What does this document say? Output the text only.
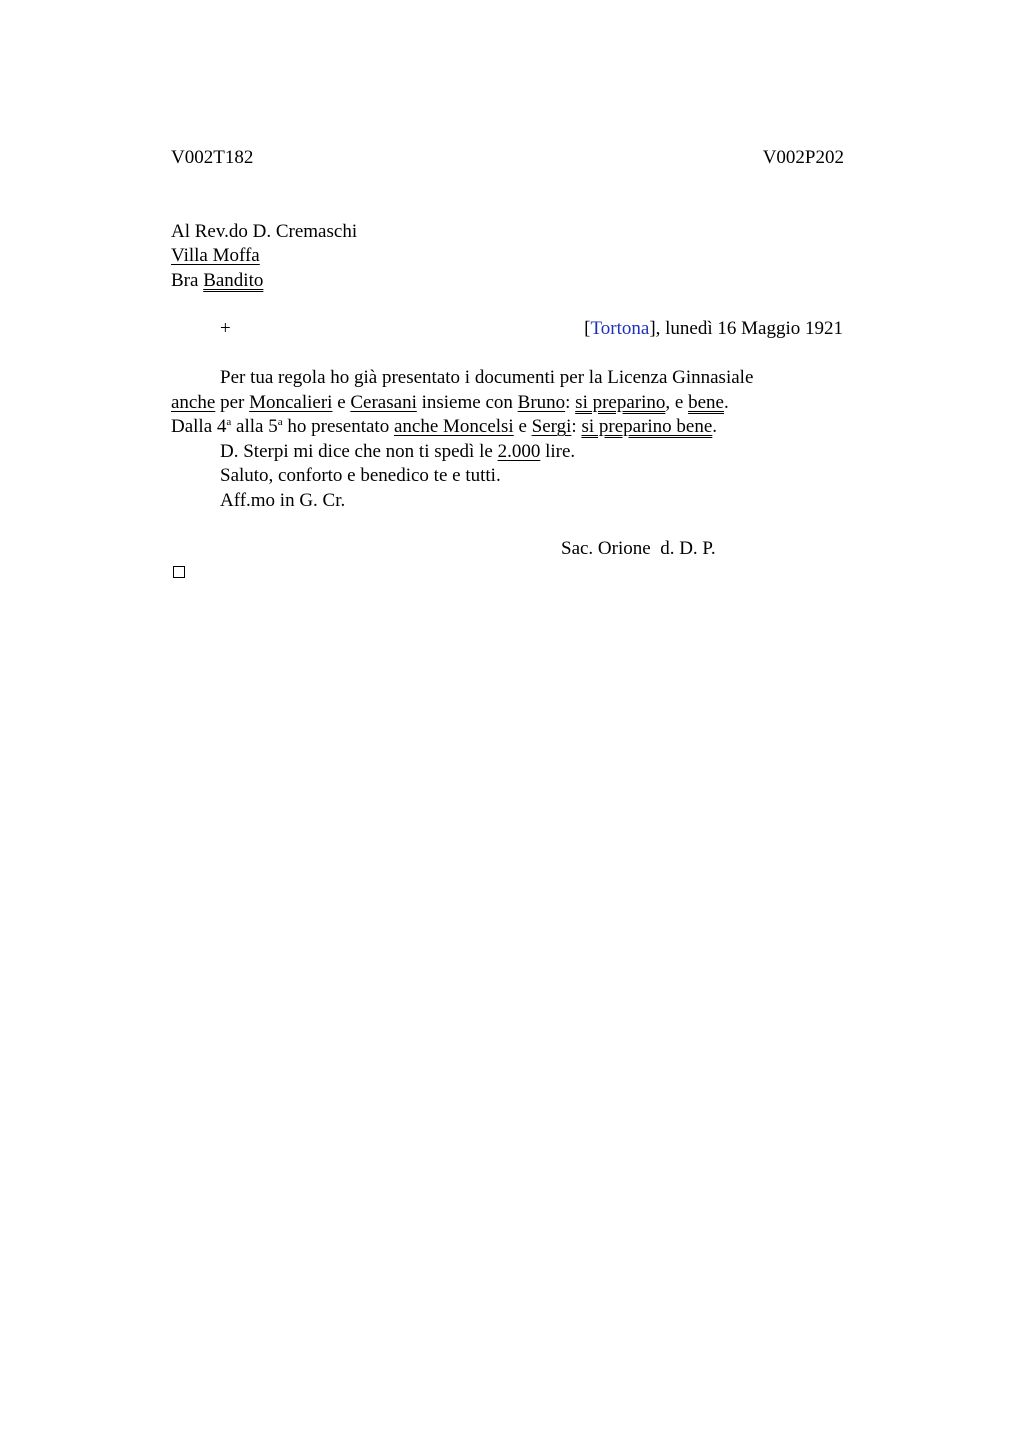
V002T182	V002P202
Al Rev.do D. Cremaschi
Villa Moffa
Bra Bandito
+	[Tortona], lunedì 16 Maggio 1921
Per tua regola ho già presentato i documenti per la Licenza Ginnasiale
anche per Moncalieri e Cerasani insieme con Bruno: si preparino, e bene.
Dalla 4$^a$ alla 5$^a$ ho presentato anche Moncelsi e Sergi: si preparino bene.
D. Sterpi mi dice che non ti spedì le 2.000 lire.
Saluto, conforto e benedico te e tutti.
Aff.mo in G. Cr.
Sac. Orione  d. D. P.
